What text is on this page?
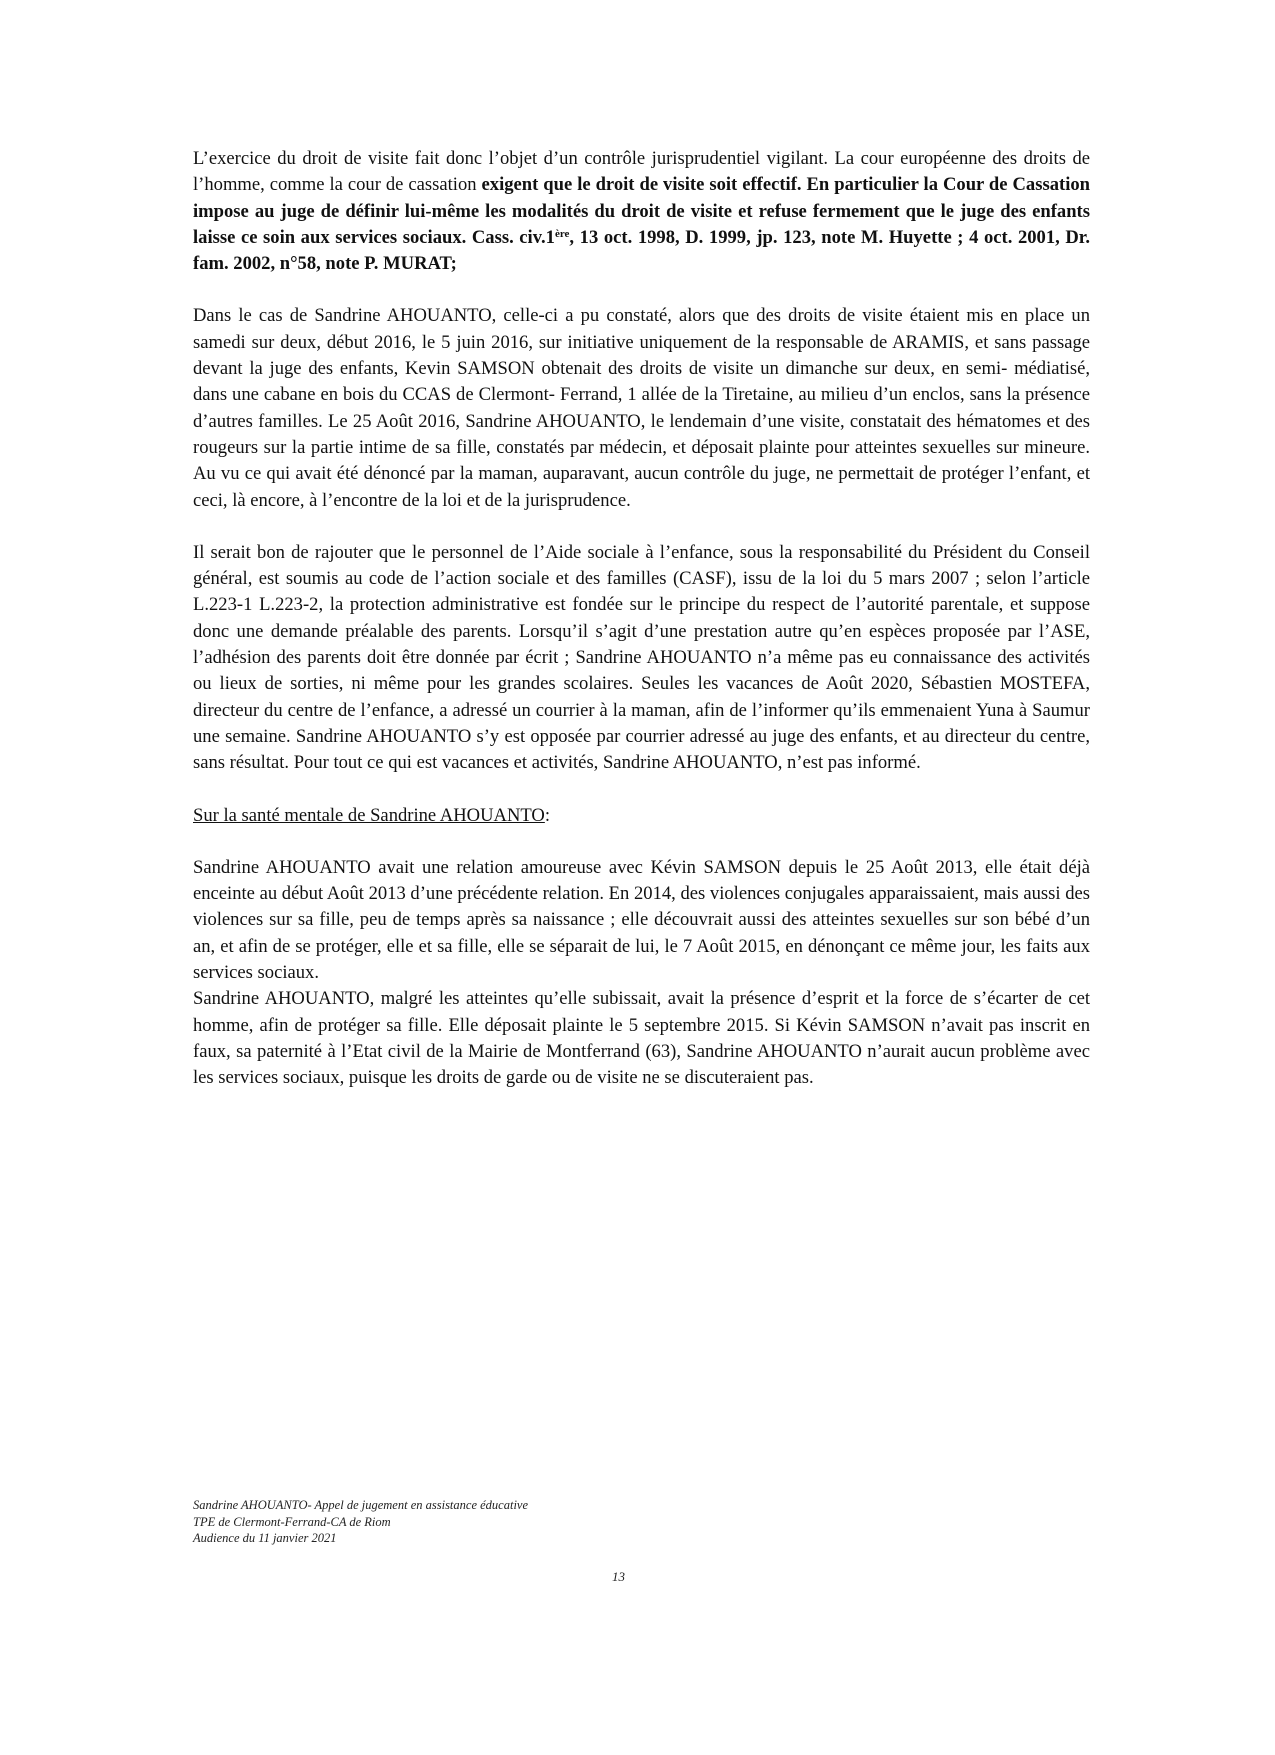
L’exercice du droit de visite fait donc l’objet d’un contrôle jurisprudentiel vigilant. La cour européenne des droits de l’homme, comme la cour de cassation exigent que le droit de visite soit effectif. En particulier la Cour de Cassation impose au juge de définir lui-même les modalités du droit de visite et refuse fermement que le juge des enfants laisse ce soin aux services sociaux. Cass. civ.1ère, 13 oct. 1998, D. 1999, jp. 123, note M. Huyette ; 4 oct. 2001, Dr. fam. 2002, n°58, note P. MURAT;

Dans le cas de Sandrine AHOUANTO, celle-ci a pu constaté, alors que des droits de visite étaient mis en place un samedi sur deux, début 2016, le 5 juin 2016, sur initiative uniquement de la responsable de ARAMIS, et sans passage devant la juge des enfants, Kevin SAMSON obtenait des droits de visite un dimanche sur deux, en semi- médiatisé, dans une cabane en bois du CCAS de Clermont- Ferrand, 1 allée de la Tiretaine, au milieu d’un enclos, sans la présence d’autres familles. Le 25 Août 2016, Sandrine AHOUANTO, le lendemain d’une visite, constatait des hématomes et des rougeurs sur la partie intime de sa fille, constatés par médecin, et déposait plainte pour atteintes sexuelles sur mineure. Au vu ce qui avait été dénoncé par la maman, auparavant, aucun contrôle du juge, ne permettait de protéger l’enfant, et ceci, là encore, à l’encontre de la loi et de la jurisprudence.

Il serait bon de rajouter que le personnel de l’Aide sociale à l’enfance, sous la responsabilité du Président du Conseil général, est soumis au code de l’action sociale et des familles (CASF), issu de la loi du 5 mars 2007 ; selon l’article L.223-1 L.223-2, la protection administrative est fondée sur le principe du respect de l’autorité parentale, et suppose donc une demande préalable des parents. Lorsqu’il s’agit d’une prestation autre qu’en espèces proposée par l’ASE, l’adhésion des parents doit être donnée par écrit ; Sandrine AHOUANTO n’a même pas eu connaissance des activités ou lieux de sorties, ni même pour les grandes scolaires. Seules les vacances de Août 2020, Sébastien MOSTEFA, directeur du centre de l’enfance, a adressé un courrier à la maman, afin de l’informer qu’ils emmenaient Yuna à Saumur une semaine. Sandrine AHOUANTO s’y est opposée par courrier adressé au juge des enfants, et au directeur du centre, sans résultat. Pour tout ce qui est vacances et activités, Sandrine AHOUANTO, n’est pas informé.

Sur la santé mentale de Sandrine AHOUANTO:

Sandrine AHOUANTO avait une relation amoureuse avec Kévin SAMSON depuis le 25 Août 2013, elle était déjà enceinte au début Août 2013 d’une précédente relation. En 2014, des violences conjugales apparaissaient, mais aussi des violences sur sa fille, peu de temps après sa naissance ; elle découvrait aussi des atteintes sexuelles sur son bébé d’un an, et afin de se protéger, elle et sa fille, elle se séparait de lui, le 7 Août 2015, en dénonçant ce même jour, les faits aux services sociaux.

Sandrine AHOUANTO, malgré les atteintes qu’elle subissait, avait la présence d’esprit et la force de s’écarter de cet homme, afin de protéger sa fille. Elle déposait plainte le 5 septembre 2015. Si Kévin SAMSON n’avait pas inscrit en faux, sa paternité à l’Etat civil de la Mairie de Montferrand (63), Sandrine AHOUANTO n’aurait aucun problème avec les services sociaux, puisque les droits de garde ou de visite ne se discuteraient pas.

Sandrine AHOUANTO- Appel de jugement en assistance éducative
TPE de Clermont-Ferrand-CA de Riom
Audience du 11 janvier 2021
13
